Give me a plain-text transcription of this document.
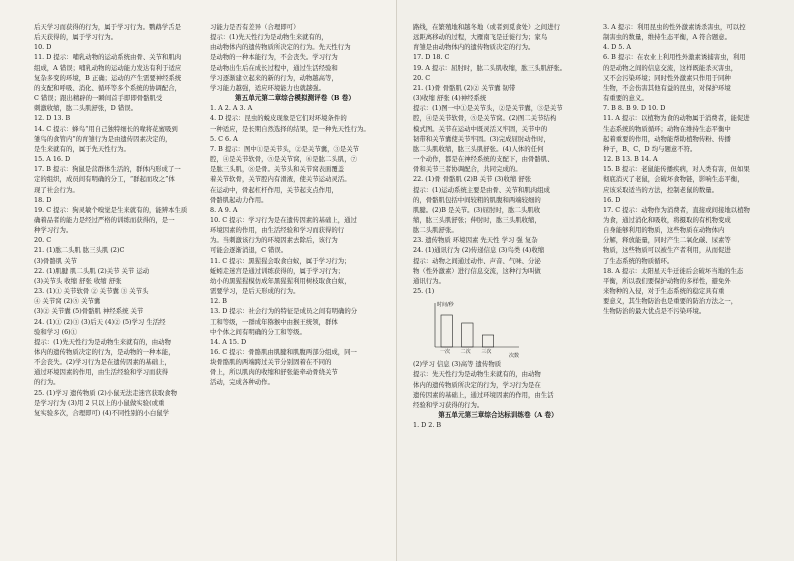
后天学习而获得的行为，属于学习行为。鹦鹉学舌是
后天获得的，属于学习行为。
10. D
11. D 提示：哺乳动物的运动系统由骨、关节和肌肉
组成，A 错误；哺乳动物的运动能力发达有利于适应
复杂多变的环境，B 正确；运动的产生需要神经系统
的支配和呼吸、消化、循环等多个系统的协调配合，
C 错误；跟出精辟的一瞬间首手即即骨骼肌受
刺激收缩，肱二头肌舒张，D 错误。
12. D 13. B
14. C 提示：蜂鸟“用自己独特细长的喙将花蜜吸到
雏鸟的食管内”的育雏行为是由遗传因素决定的，
是生来就有的，属于先天性行为。
15. A 16. D
17. B 提示：狗鼠是营群体生活的，群体内形成了一
定的组织，成员间有明确的分工，“群起而攻之”体
现了社会行为。
18. D
19. C 提示：狗灵敏个嗅觉是生来就有的，能辨本生质
确着品者的能力是经过严格的训练而获得的，是一
种学习行为。
20. C
21. (1)肱二头肌 肱三头肌 (2)C
(3)骨骼肌 关节
22. (1)肌腱 肌二头肌 (2)关节 关节 运动
(3)关节头 收缩 舒张 收缩 舒张
23. (1)① 关节软骨 ② 关节囊 ③ 关节头
④ 关节窝 (2)⑤ 关节囊
(3)② 关节囊 (5)骨骼肌 神经系统 关节
24. (1)① (2)③ (3)后天 (4)② (5)学习 生活经
验和学习 (6)①
提示：(1)先天性行为是动物生来就有的，由动物
体内的遗传物质决定的行为，是动物的一种本能，
不会丧失。(2)学习行为是在遗传因素的基础上，
通过环境因素的作用，由生活经验和学习而获得
的行为。
25. (1)学习 遗传物质 (2)小鼠无法走迷宫获取食物
是学习行为 (3)用 2 只以上的小鼠做实验(或重
复实验多次，合理即可) (4)不同性别的小白鼠学
习能力是否有差异（合理即可）
提示：(1)先天性行为是动物生来就有的，
由动物体内的遗传物质所决定的行为。先天性行为
是动物的一种本能行为，不会丧失。学习行为
是动物出生后在成长过程中，通过生活经验和
学习逐渐建立起来的新的行为，动物越高等，
学习能力越强，适应环境能力也就越强。
第五单元第二章综合模拟测评卷（B 卷）
1. A 2. A 3. A
4. D 提示：昆虫的蜕皮现象是它们对环境条件的
一种适应，是长期自然选择的结果，是一种先天性行为。
5. C 6. A
7. B 提示：图中①是关节头，②是关节囊，③是关节
腔，④是关节软骨，⑤是关节窝，⑥是肱二头肌，⑦
是肱三头肌，⑧是骨。关节头和关节窝表面覆盖
着关节软骨，关节腔内有滑液，使关节运动灵活。
在运动中，骨起杠杆作用，关节起支点作用，
骨骼肌起动力作用。
8. A 9. A
10. C 提示：学习行为是在遗传因素的基础上，通过
环境因素的作用，由生活经验和学习而获得的行
为。当刺激该行为的环境因素去除后，该行为
可能会逐渐消退，C 错误。
11. C 提示：黑猩猩会取食白蚁，属于学习行为；
蚯蚓走迷宫是通过训练获得的，属于学习行为；
幼小的黑猩猩模仿成年黑猩猩利用树枝取食白蚁，
需要学习，是后天形成的行为。
12. B
13. D 提示：社会行为的特征是成员之间有明确的分
工和等级，一群成年猕猴中由猴王统领，群体
中个体之间有明确的分工和等级。
14. A 15. D
16. C 提示：骨骼肌由肌腱和肌腹两部分组成，同一
块骨骼肌的两端跨过关节分别固着在不同的
骨上，所以肌肉的收缩和舒张能牵动骨绕关节
活动，完成各种动作。
路线，在繁殖地和越冬地（或者到觅食处）之间进行
远距离移动的过程，大雁南飞是迁徙行为；家鸟
育雏是由动物体内的遗传物质决定的行为。
17. D 18. C
19. A 提示：屈肘时，肱二头肌收缩，肱三头肌舒张。
20. C
21. (1)骨 骨骼肌 (2)② 关节囊 韧带
(3)收缩 舒张 (4)神经系统
提示：(1)图一中①是关节头，②是关节囊，③是关节
腔，④是关节软骨，⑤是关节窝。(2)图二关节结构
模式图。关节在运动中既灵活又牢固，关节中的
韧带和关节囊使关节牢固。(3)完成屈肘动作时，
肱二头肌收缩，肱三头肌舒张。(4)人体的任何
一个动作，都是在神经系统的支配下，由骨骼肌、
骨和关节三者协调配合，共同完成的。
22. (1)骨 骨骼肌 (2)B 关节 (3)收缩 舒张
提示：(1)运动系统主要是由骨、关节和肌肉组成
的，骨骼肌包括中间较粗的肌腹和两端较细的
肌腱。(2)B 是关节。(3)屈肘时，肱二头肌收
缩，肱三头肌舒张；伸肘时，肱三头肌收缩，
肱二头肌舒张。
23. 遗传物质 环境因素 先天性 学习 强 复杂
24. (1)通讯行为 (2)传递信息 (3)鸟类 (4)收缩
提示：动物之间通过动作、声音、气味、分泌
物（性外激素）进行信息交流，这种行为叫做
通讯行为。
25. (1)
时间/秒
次数
一次 二次 三次
(2)学习 信息 (3)高等 遗传物质
提示：先天性行为是动物生来就有的，由动物
体内的遗传物质所决定的行为，学习行为是在
遗传因素的基础上，通过环境因素的作用，由生活
经验和学习获得的行为。
第五单元第三章综合达标训练卷（A 卷）
1. D 2. B
3. A 提示：利用昆虫的性外激素诱杀害虫，可以控
制害虫的数量，维持生态平衡，A 符合题意。
4. D 5. A
6. B 提示：在农业上利用性外激素诱捕害虫，利用
的是动物之间的信息交流，这样既能杀灭害虫，
又不会污染环境；同时性外激素只作用于同种
生物，不会伤害其他有益的昆虫，对保护环境
有重要的意义。
7. B 8. B 9. D 10. D
11. A 提示：以植物为食的动物属于消费者，能促进
生态系统的物质循环；动物在维持生态平衡中
起着重要的作用，动物能帮助植物传粉、传播
种子，B、C、D 均与题意不符。
12. B 13. B 14. A
15. B 提示：老鼠能传播疾病，对人类有害，但如果
彻底消灭了老鼠，会破坏食物链，影响生态平衡，
应该采取适当的方法，控制老鼠的数量。
16. D
17. C 提示：动物作为消费者，直接或间接地以植物
为食，通过消化和吸收，将摄取的有机物变成
自身能够利用的物质，这些物质在动物体内
分解，释放能量，同时产生二氧化碳、尿素等
物质，这些物质可以被生产者利用，从而促进
了生态系统的物质循环。
18. A 提示：太阳星天牛迁徙后会破坏当地的生态
平衡，所以我们要保护动物的多样性，避免外
来物种的入侵，对于生态系统的稳定具有重
要意义，其生物防治也是重要的防治方法之一，
生物防治的最大优点是不污染环境。
